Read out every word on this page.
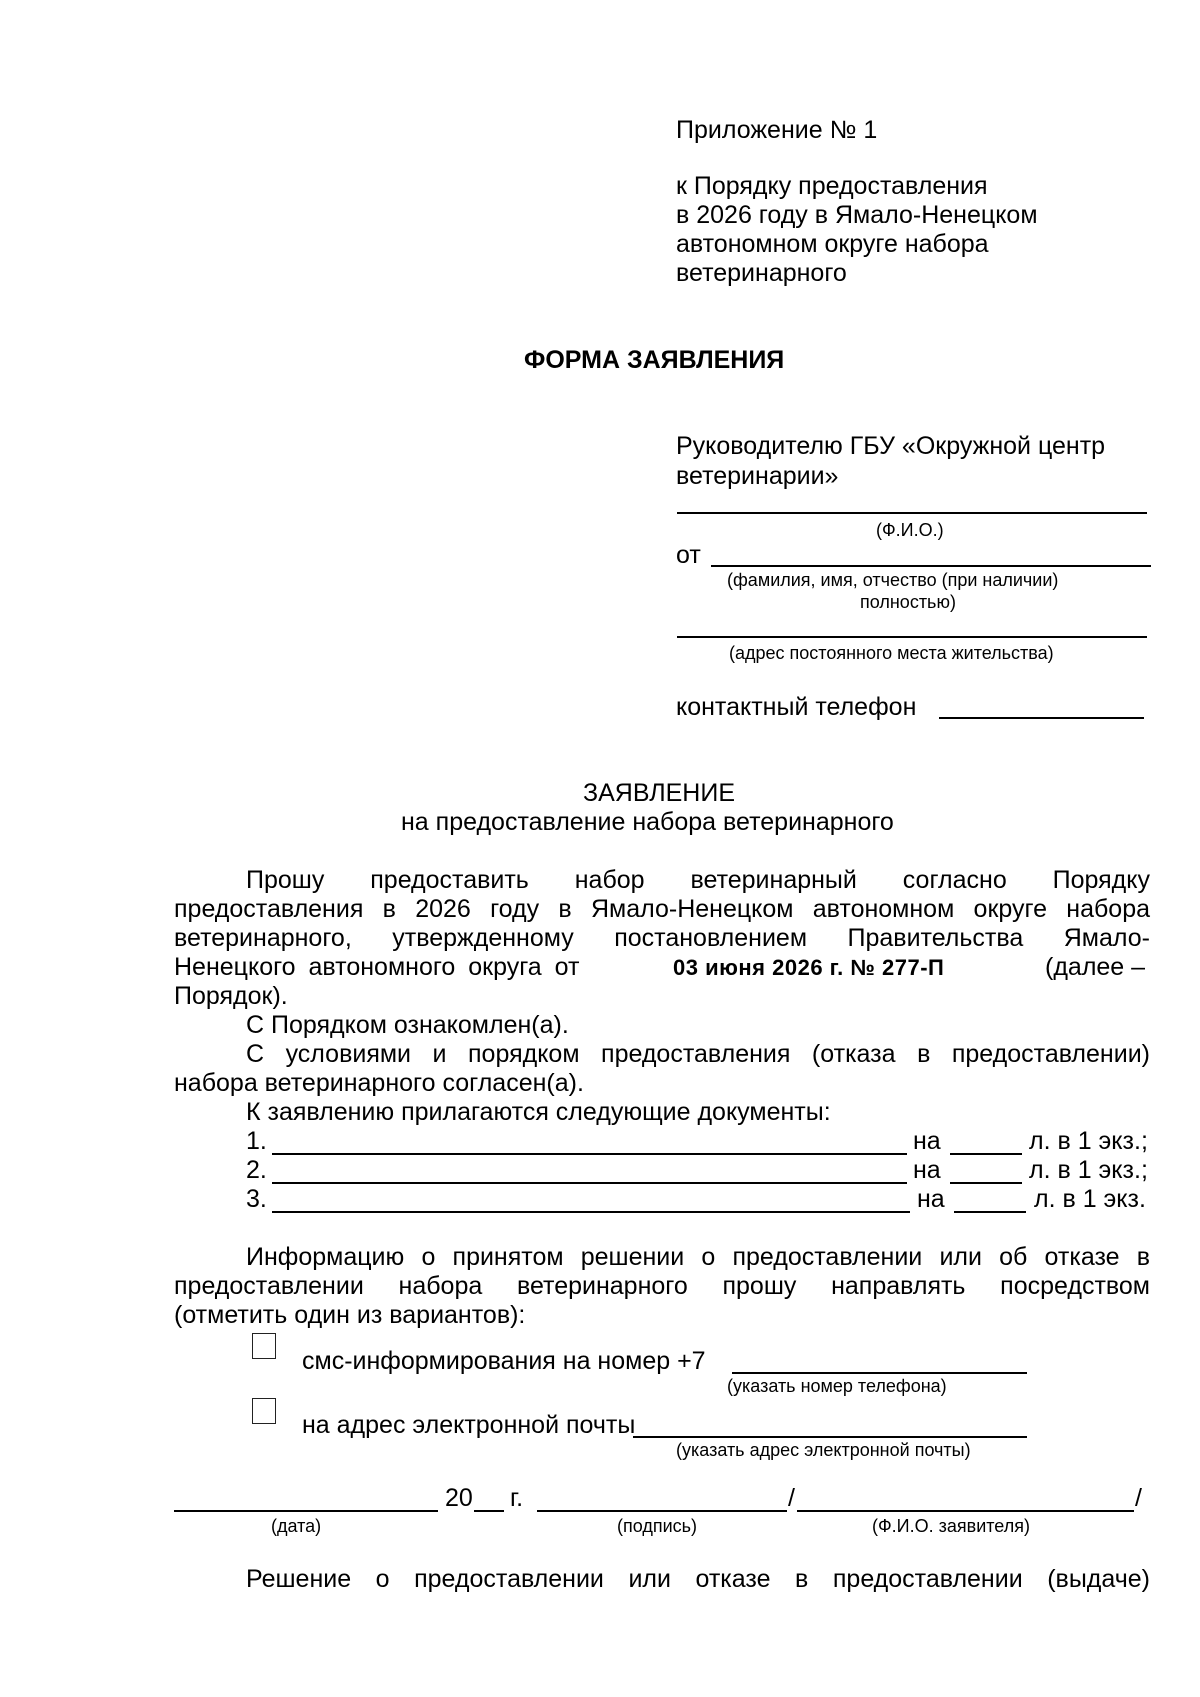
Приложение № 1
к Порядку предоставления
в 2026 году в Ямало-Ненецком
автономном округе набора
ветеринарного
ФОРМА ЗАЯВЛЕНИЯ
Руководителю ГБУ «Окружной центр
ветеринарии»
(Ф.И.О.)
от
(фамилия, имя, отчество (при наличии)
полностью)
(адрес постоянного места жительства)
контактный телефон
ЗАЯВЛЕНИЕ
на предоставление набора ветеринарного
Прошу предоставить набор ветеринарный согласно Порядку
предоставления в 2026 году в Ямало-Ненецком автономном округе набора
ветеринарного, утвержденному постановлением Правительства Ямало-
Ненецкого автономного округа от	03 июня 2026 г. № 277-П	(далее –
Порядок).
С Порядком ознакомлен(а).
С условиями и порядком предоставления (отказа в предоставлении)
набора ветеринарного согласен(а).
К заявлению прилагаются следующие документы:
1.	на	л. в 1 экз.;
2.	на	л. в 1 экз.;
3.	на	л. в 1 экз.
Информацию о принятом решении о предоставлении или об отказе в
предоставлении набора ветеринарного прошу направлять посредством
(отметить один из вариантов):
смс-информирования на номер +7
(указать номер телефона)
на адрес электронной почты
(указать адрес электронной почты)
20 г.	/	/
(дата)	(подпись)	(Ф.И.О. заявителя)
Решение о предоставлении или отказе в предоставлении (выдаче)
